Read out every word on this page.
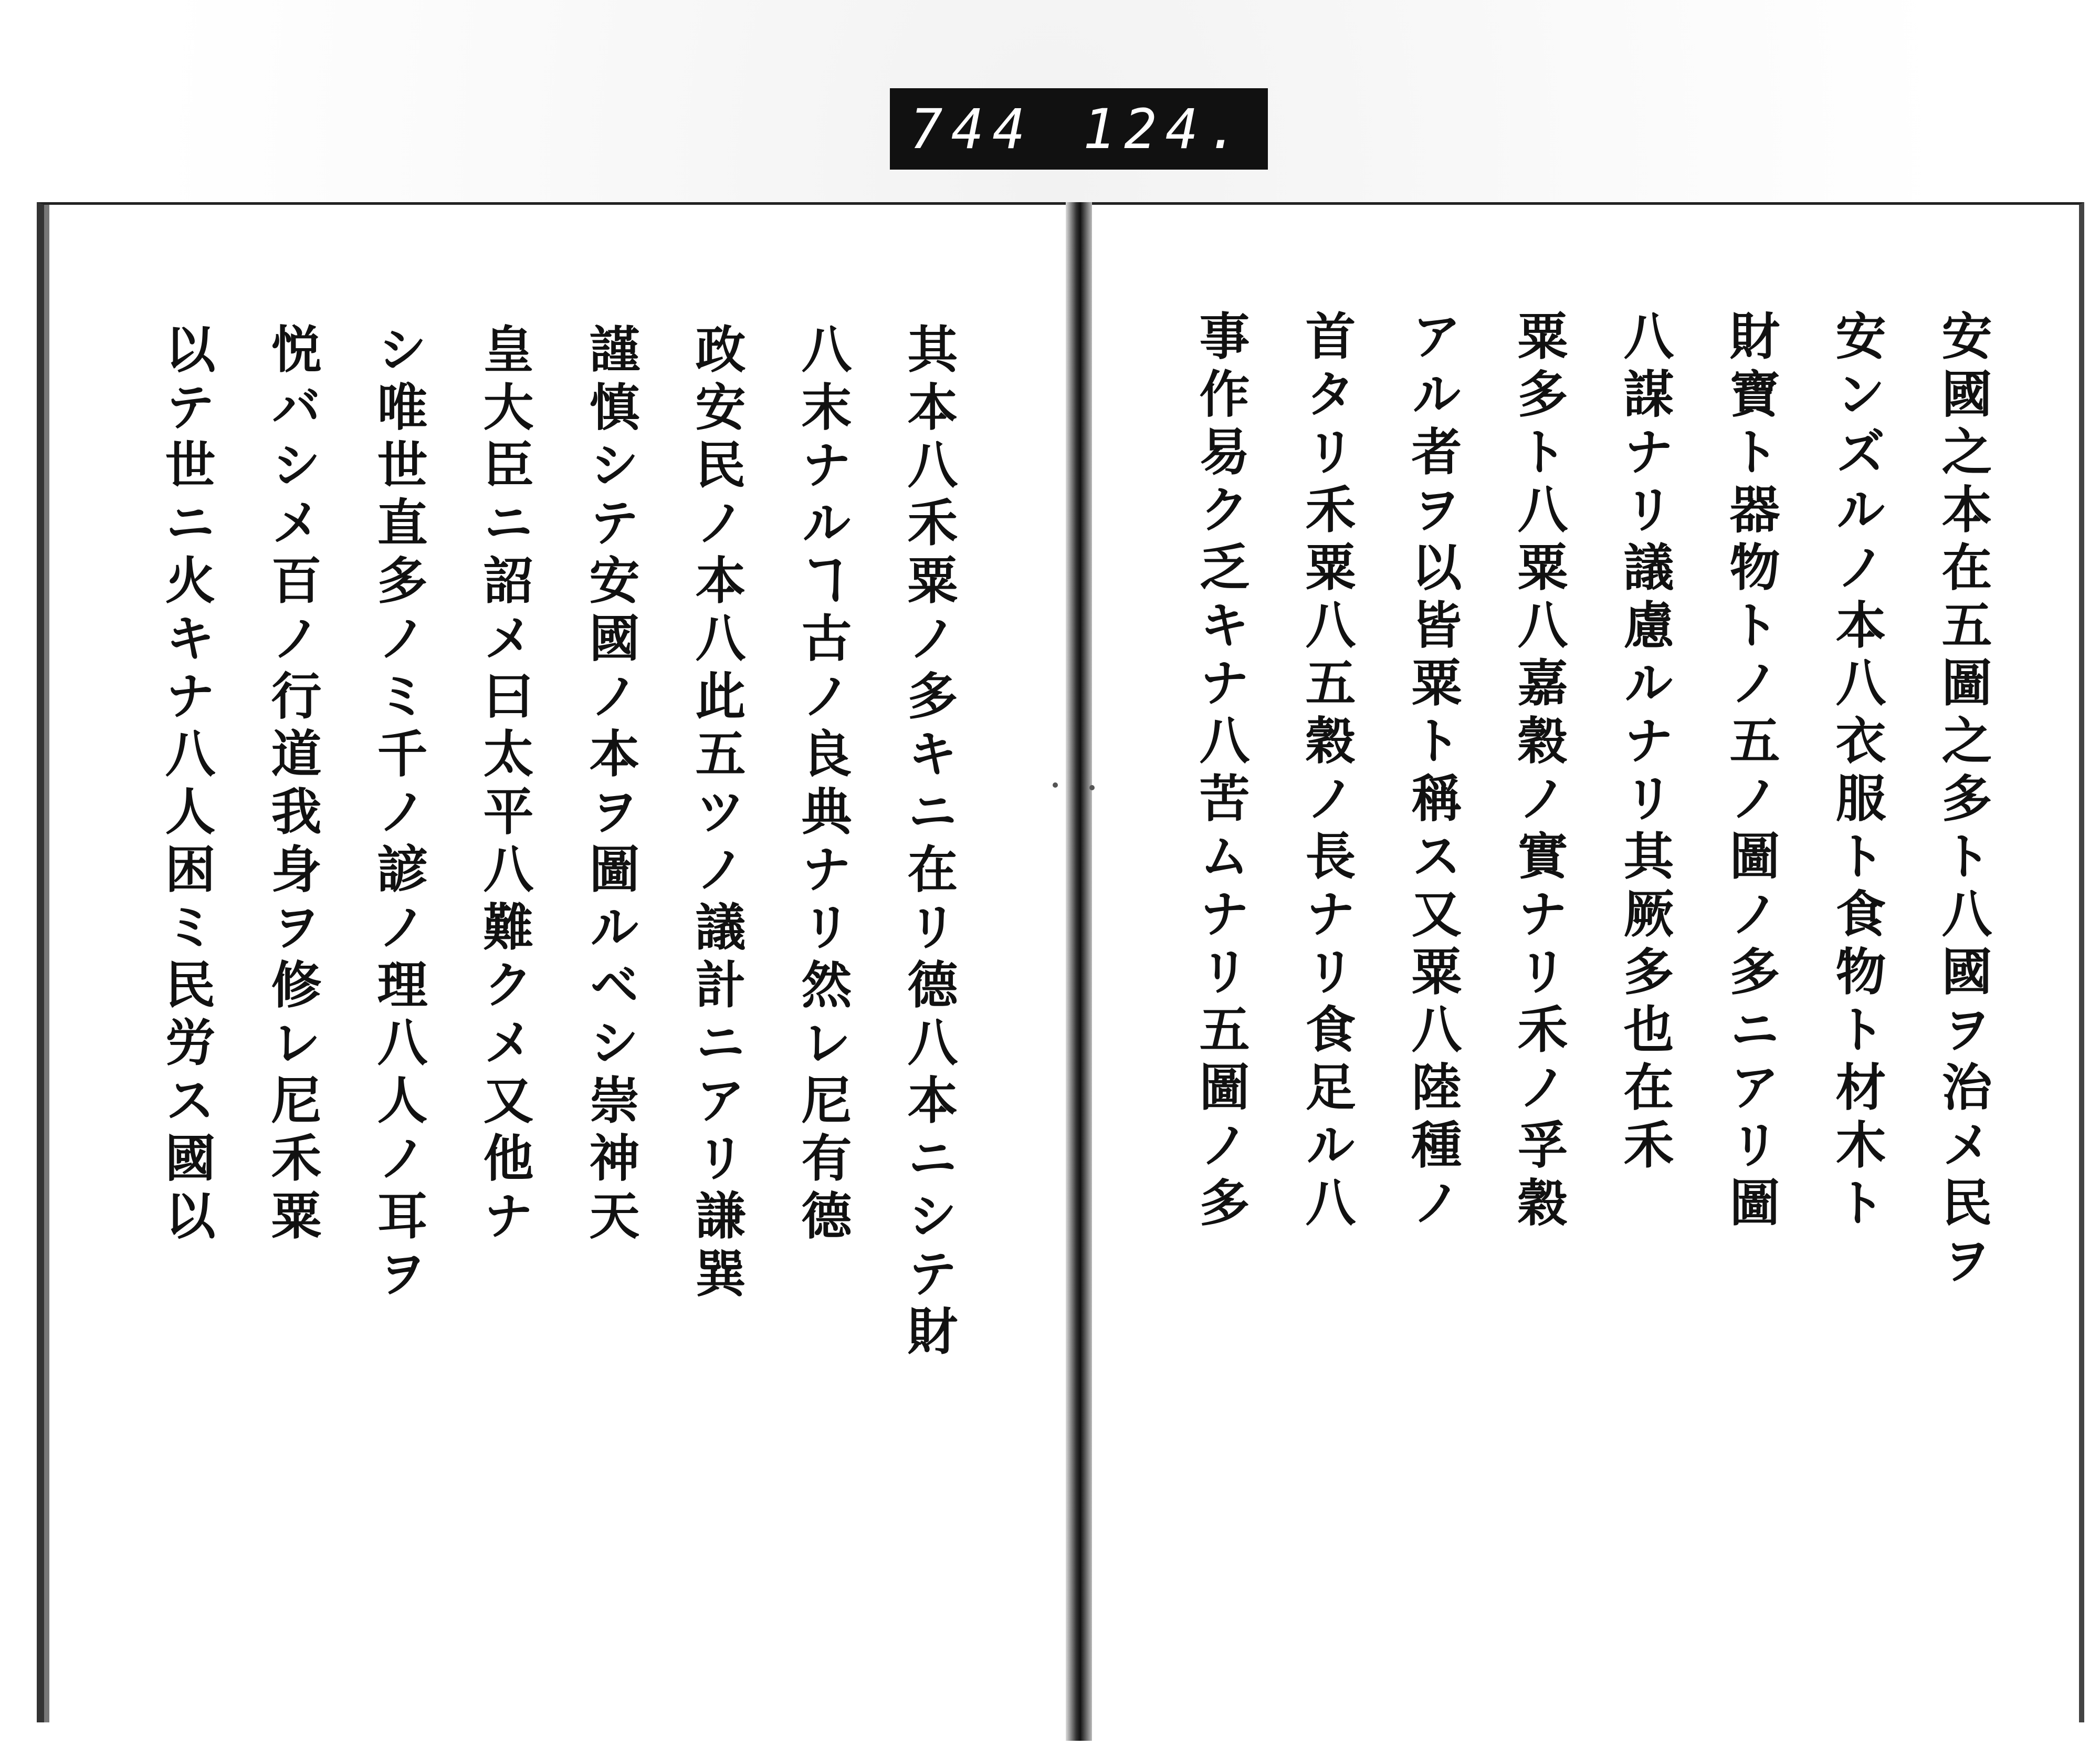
744 124.
安國之本在五圖之多ト八國ヲ治メ民ヲ
安ンズルノ本八衣服ト食物ト材木ト
財寶ト器物トノ五ノ圖ノ多ニアリ圖
八謀ナリ議慮ルナリ其厥多也在禾
粟多ト八粟八嘉穀ノ實ナリ禾ノ孚穀
アル者ヲ以皆粟ト稱ス又粟八陸種ノ
首タリ禾粟八五穀ノ長ナリ食足ル八
事作易ク乏キナ八苦ムナリ五圖ノ多
其本八禾粟ノ多キニ在リ德八本ニシテ財
八末ナルヿ古ノ良典ナリ然レ尼有德
政安民ノ本八此五ツノ議計ニアリ謙巽
謹慎シテ安國ノ本ヲ圖ルベシ崇神天
皇大臣ニ詔メ曰太平八難クメ又他ナ
シ唯世直多ノミ千ノ諺ノ理八人ノ耳ヲ
悦バシメ百ノ行道我身ヲ修レ尼禾粟
以テ世ニ火キナ八人困ミ民労ス國以
